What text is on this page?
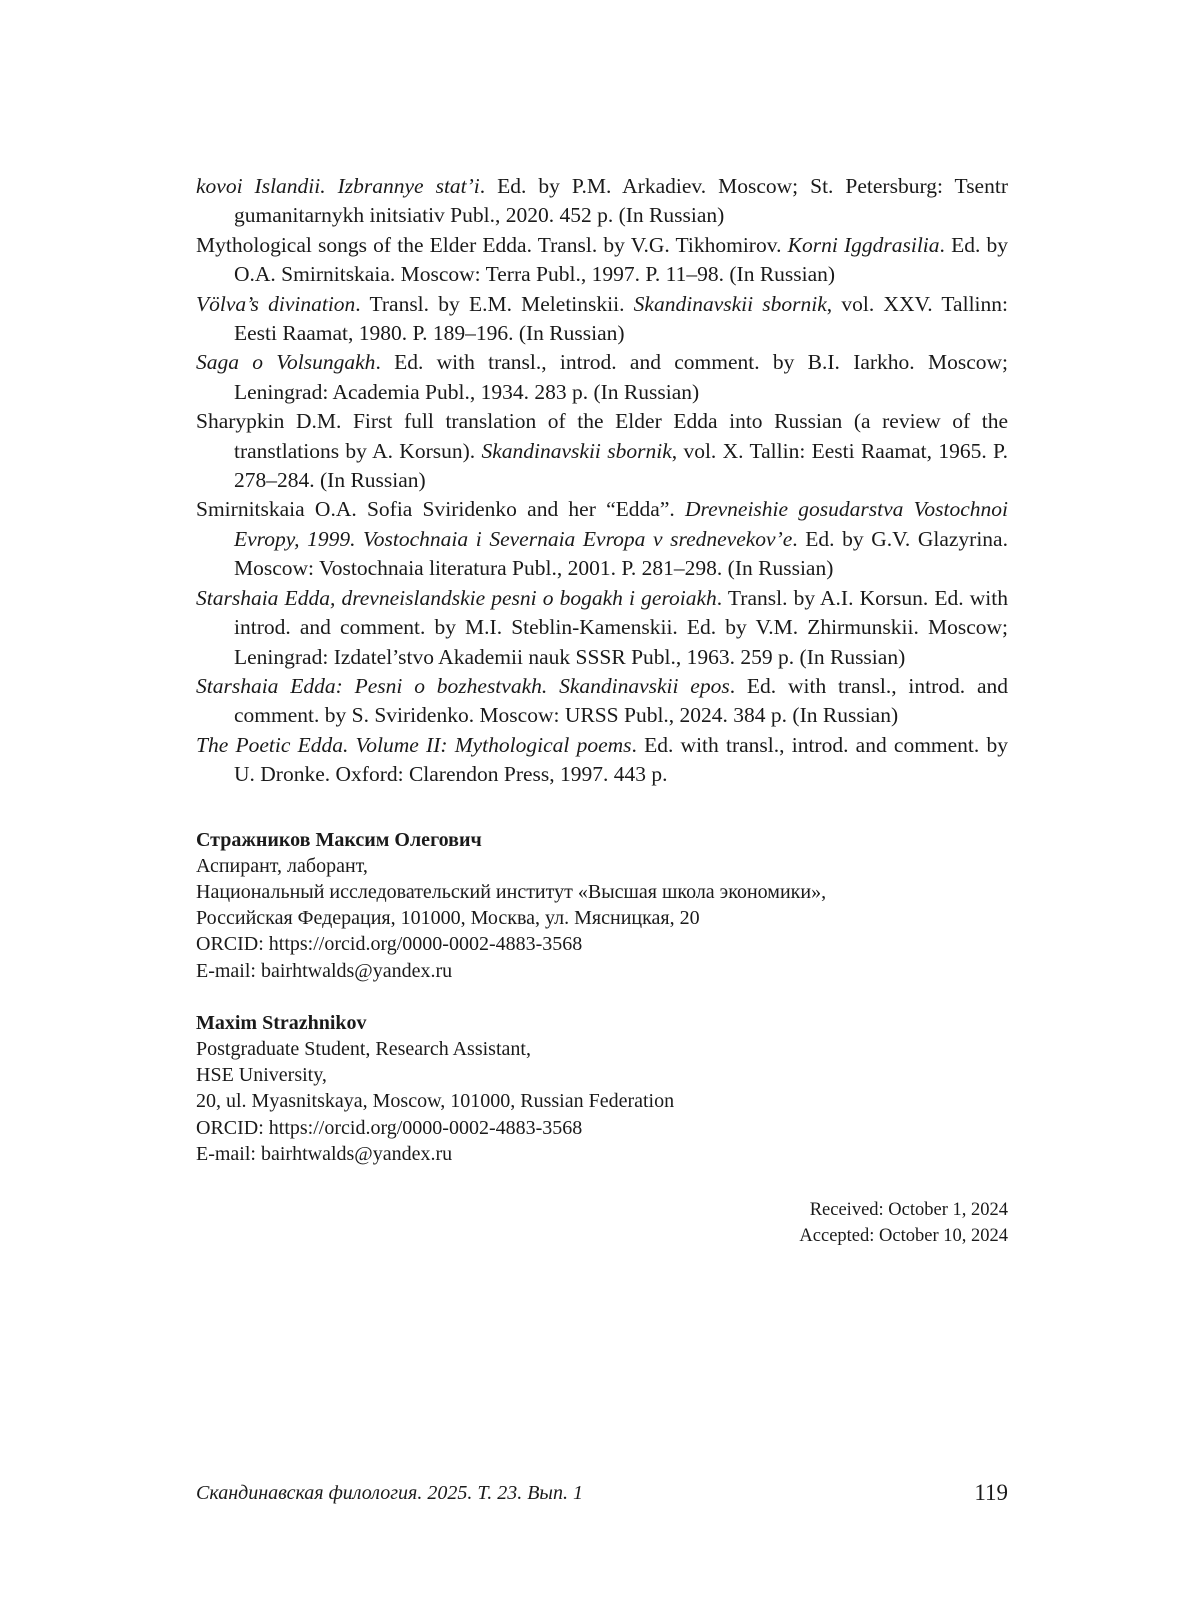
kovoi Islandii. Izbrannye stat’i. Ed. by P.M. Arkadiev. Moscow; St. Petersburg: Tsentr gumanitarnykh initsiativ Publ., 2020. 452 p. (In Russian)

Mythological songs of the Elder Edda. Transl. by V.G. Tikhomirov. Korni Iggdrasilia. Ed. by O.A. Smirnitskaia. Moscow: Terra Publ., 1997. P. 11–98. (In Russian)

Völva’s divination. Transl. by E.M. Meletinskii. Skandinavskii sbornik, vol. XXV. Tallinn: Eesti Raamat, 1980. P. 189–196. (In Russian)

Saga o Volsungakh. Ed. with transl., introd. and comment. by B.I. Iarkho. Moscow; Leningrad: Academia Publ., 1934. 283 p. (In Russian)

Sharypkin D.M. First full translation of the Elder Edda into Russian (a review of the transtlations by A. Korsun). Skandinavskii sbornik, vol. X. Tallin: Eesti Raamat, 1965. P. 278–284. (In Russian)

Smirnitskaia O.A. Sofia Sviridenko and her “Edda”. Drevneishie gosudarstva Vostochnoi Evropy, 1999. Vostochnaia i Severnaia Evropa v srednevekov’e. Ed. by G.V. Glazyrina. Moscow: Vostochnaia literatura Publ., 2001. P. 281–298. (In Russian)

Starshaia Edda, drevneislandskie pesni o bogakh i geroiakh. Transl. by A.I. Korsun. Ed. with introd. and comment. by M.I. Steblin-Kamenskii. Ed. by V.M. Zhirmunskii. Moscow; Leningrad: Izdatel’stvo Akademii nauk SSSR Publ., 1963. 259 p. (In Russian)

Starshaia Edda: Pesni o bozhestvakh. Skandinavskii epos. Ed. with transl., introd. and comment. by S. Sviridenko. Moscow: URSS Publ., 2024. 384 p. (In Russian)

The Poetic Edda. Volume II: Mythological poems. Ed. with transl., introd. and comment. by U. Dronke. Oxford: Clarendon Press, 1997. 443 p.

Стражников Максим Олегович
Аспирант, лаборант,
Национальный исследовательский институт «Высшая школа экономики»,
Российская Федерация, 101000, Москва, ул. Мясницкая, 20
ORCID: https://orcid.org/0000-0002-4883-3568
E-mail: bairhtwalds@yandex.ru
Maxim Strazhnikov
Postgraduate Student, Research Assistant,
HSE University,
20, ul. Myasnitskaya, Moscow, 101000, Russian Federation
ORCID: https://orcid.org/0000-0002-4883-3568
E-mail: bairhtwalds@yandex.ru
Received: October 1, 2024
Accepted: October 10, 2024
Скандинавская филология. 2025. Т. 23. Вып. 1	119
